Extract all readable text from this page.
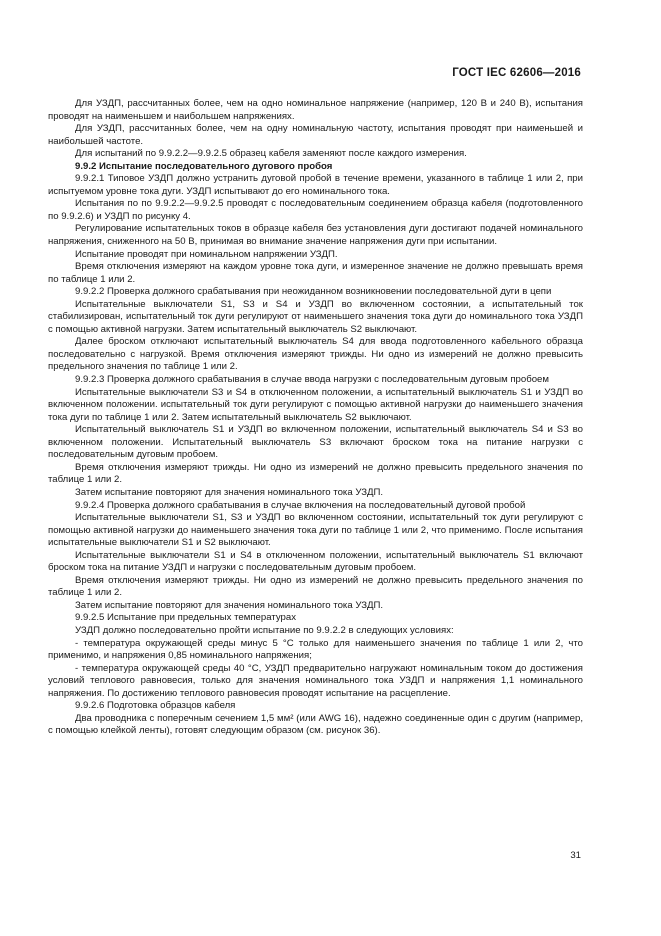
ГОСТ IEC 62606—2016

Для УЗДП, рассчитанных более, чем на одно номинальное напряжение (например, 120 В и 240 В), испытания проводят на наименьшем и наибольшем напряжениях.

Для УЗДП, рассчитанных более, чем на одну номинальную частоту, испытания проводят при наименьшей и наибольшей частоте.

Для испытаний по 9.9.2.2—9.9.2.5 образец кабеля заменяют после каждого измерения.

9.9.2 Испытание последовательного дугового пробоя

9.9.2.1 Типовое УЗДП должно устранить дуговой пробой в течение времени, указанного в таблице 1 или 2, при испытуемом уровне тока дуги. УЗДП испытывают до его номинального тока.

Испытания по по 9.9.2.2—9.9.2.5 проводят с последовательным соединением образца кабеля (подготовленного по 9.9.2.6) и УЗДП по рисунку 4.

Регулирование испытательных токов в образце кабеля без установления дуги достигают подачей номинального напряжения, сниженного на 50 В, принимая во внимание значение напряжения дуги при испытании.

Испытание проводят при номинальном напряжении УЗДП.

Время отключения измеряют на каждом уровне тока дуги, и измеренное значение не должно превышать время по таблице 1 или 2.

9.9.2.2 Проверка должного срабатывания при неожиданном возникновении последовательной дуги в цепи

Испытательные выключатели S1, S3 и S4 и УЗДП во включенном состоянии, а испытательный ток стабилизирован, испытательный ток дуги регулируют от наименьшего значения тока дуги до номинального тока УЗДП с помощью активной нагрузки. Затем испытательный выключатель S2 выключают.

Далее броском отключают испытательный выключатель S4 для ввода подготовленного кабельного образца последовательно с нагрузкой. Время отключения измеряют трижды. Ни одно из измерений не должно превысить предельного значения по таблице 1 или 2.

9.9.2.3 Проверка должного срабатывания в случае ввода нагрузки с последовательным дуговым пробоем

Испытательные выключатели S3 и S4 в отключенном положении, а испытательный выключатель S1 и УЗДП во включенном положении. испытательный ток дуги регулируют с помощью активной нагрузки до наименьшего значения тока дуги по таблице 1 или 2. Затем испытательный выключатель S2 выключают.

Испытательный выключатель S1 и УЗДП во включенном положении, испытательный выключатель S4 и S3 во включенном положении. Испытательный выключатель S3 включают броском тока на питание нагрузки с последовательным дуговым пробоем.

Время отключения измеряют трижды. Ни одно из измерений не должно превысить предельного значения по таблице 1 или 2.

Затем испытание повторяют для значения номинального тока УЗДП.

9.9.2.4 Проверка должного срабатывания в случае включения на последовательный дуговой пробой

Испытательные выключатели S1, S3 и УЗДП во включенном состоянии, испытательный ток дуги регулируют с помощью активной нагрузки до наименьшего значения тока дуги по таблице 1 или 2, что применимо. После испытания испытательные выключатели S1 и S2 выключают.

Испытательные выключатели S1 и S4 в отключенном положении, испытательный выключатель S1 включают броском тока на питание УЗДП и нагрузки с последовательным дуговым пробоем.

Время отключения измеряют трижды. Ни одно из измерений не должно превысить предельного значения по таблице 1 или 2.

Затем испытание повторяют для значения номинального тока УЗДП.

9.9.2.5 Испытание при предельных температурах

УЗДП должно последовательно пройти испытание по 9.9.2.2 в следующих условиях:

- температура окружающей среды минус 5 °С только для наименьшего значения по таблице 1 или 2, что применимо, и напряжения 0,85 номинального напряжения;

- температура окружающей среды 40 °С, УЗДП предварительно нагружают номинальным током до достижения условий теплового равновесия, только для значения номинального тока УЗДП и напряжения 1,1 номинального напряжения. По достижению теплового равновесия проводят испытание на расцепление.

9.9.2.6 Подготовка образцов кабеля

Два проводника с поперечным сечением 1,5 мм² (или AWG 16), надежно соединенные один с другим (например, с помощью клейкой ленты), готовят следующим образом (см. рисунок 36).

31
